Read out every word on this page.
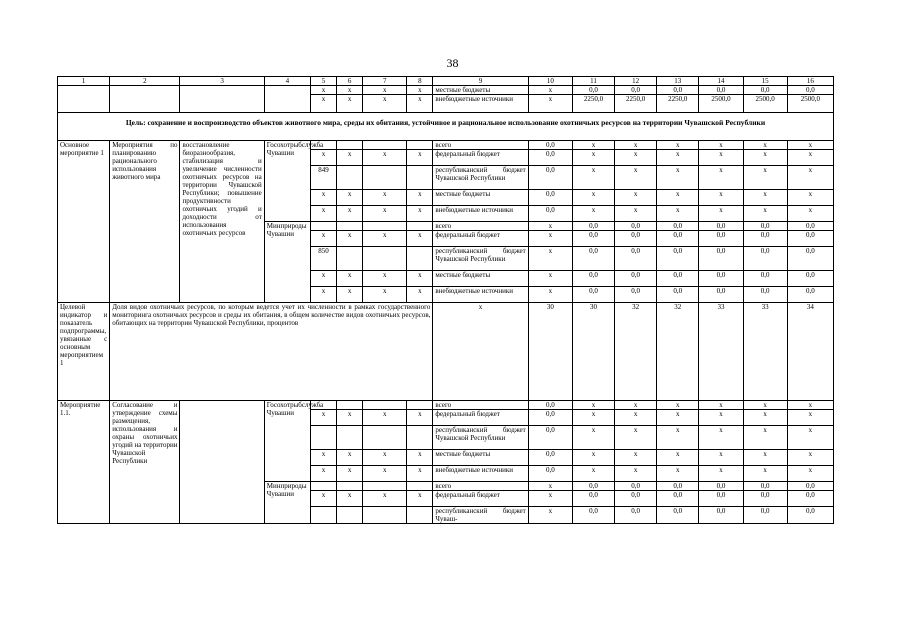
38
1	2	3	4	5	6	7	8	9	10	11	12	13	14	15	16
				х	х	х	х	местные бюджеты	х	0,0	0,0	0,0	0,0	0,0	0,0
				х	х	х	х	внебюджетные источники	х	2250,0	2250,0	2250,0	2500,0	2500,0	2500,0
Цель: сохранение и воспроизводство объектов животного мира, среды их обитания, устойчивое и рациональное использование охотничьих ресурсов на территории Чувашской Республики															
Основное мероприятие 1	Мероприятия по планированию рационального использования животного мира	восстановление биоразнообразия, стабилизация и увеличение численности охотничьих ресурсов на территории Чувашской Республики; повышение продуктивности охотничьих угодий и доходности от использования охотничьих ресурсов	Госохотрыбслужба Чувашии					всего	0,0	х	х	х	х	х	х
				х	х	х	х	федеральный бюджет	0,0	х	х	х	х	х	х
				849				республиканский бюджет Чувашской Республики	0,0	х	х	х	х	х	х
				х	х	х	х	местные бюджеты	0,0	х	х	х	х	х	х
				х	х	х	х	внебюджетные источники	0,0	х	х	х	х	х	х
			Минприроды Чувашии					всего	х	0,0	0,0	0,0	0,0	0,0	0,0
				х	х	х	х	федеральный бюджет	х	0,0	0,0	0,0	0,0	0,0	0,0
				850				республиканский бюджет Чувашской Республики	х	0,0	0,0	0,0	0,0	0,0	0,0
				х	х	х	х	местные бюджеты	х	0,0	0,0	0,0	0,0	0,0	0,0
				х	х	х	х	внебюджетные источники	х	0,0	0,0	0,0	0,0	0,0	0,0
Целевой индикатор и показатель подпрограммы, увязанные с основным мероприятием 1	Доля видов охотничьих ресурсов, по которым ведется учет их численности в рамках государственного мониторинга охотничьих ресурсов и среды их обитания, в общем количестве видов охотничьих ресурсов, обитающих на территории Чувашской Республики, процентов							х	30	30	32	32	33	33	34
Мероприятие 1.1.	Согласование и утверждение схемы размещения, использования и охраны охотничьих угодий на территории Чувашской Республики		Госохотрыбслужба Чувашии					всего	0,0	х	х	х	х	х	х
				х	х	х	х	федеральный бюджет	0,0	х	х	х	х	х	х
								республиканский бюджет Чувашской Республики	0,0	х	х	х	х	х	х
				х	х	х	х	местные бюджеты	0,0	х	х	х	х	х	х
				х	х	х	х	внебюджетные источники	0,0	х	х	х	х	х	х
			Минприроды Чувашии					всего	х	0,0	0,0	0,0	0,0	0,0	0,0
				х	х	х	х	федеральный бюджет	х	0,0	0,0	0,0	0,0	0,0	0,0
								республиканский бюджет Чуваш-	х	0,0	0,0	0,0	0,0	0,0	0,0
